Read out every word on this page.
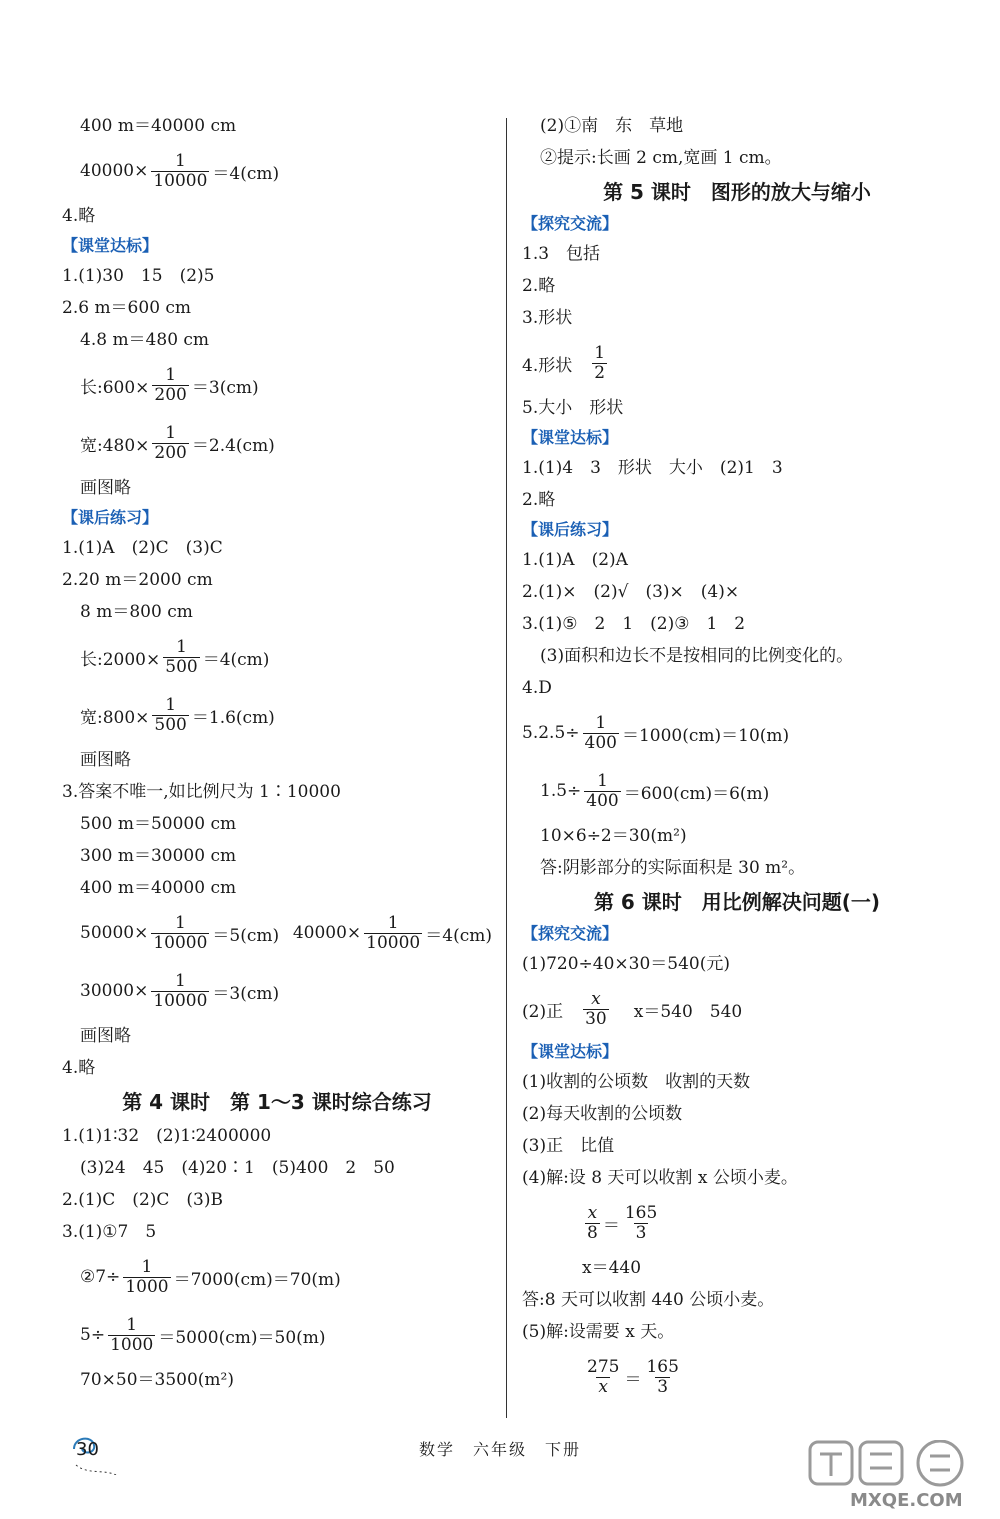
400 m＝40000 cm
$40000\times \frac{1}{10000} =4(cm)$
4.略
【课堂达标】
1.(1)30　15　(2)5
2.6 m＝600 cm
4.8 m＝480 cm
长:600× $\frac{1}{200} =3(cm)$
宽:480× $\frac{1}{200} =2.4(cm)$
画图略
【课后练习】
1.(1)A　(2)C　(3)C
2.20 m＝2000 cm
8 m＝800 cm
长:2000× $\frac{1}{500} =4(cm)$
宽:800× $\frac{1}{500} =1.6(cm)$
画图略
3.答案不唯一,如比例尺为 1∶10000
500 m＝50000 cm
300 m＝30000 cm
400 m＝40000 cm
$50000\times \frac{1}{10000} =5(cm)$ $40000\times \frac{1}{10000} =4(cm)$
$30000\times \frac{1}{10000} =3(cm)$
画图略
4.略
第 4 课时　第 1～3 课时综合练习
1.(1)1∶32　(2)1∶2400000
(3)24　45　(4)20∶1　(5)400　2　50
2.(1)C　(2)C　(3)B
3.(1)①7　5
②7÷ $\frac{1}{1000} =7000(cm)=70(m)$
$5\div \frac{1}{1000} =5000(cm)=50(m)$
70×50＝3500(m²)
(2)①南　东　草地
②提示:长画 2 cm,宽画 1 cm。
第 5 课时　图形的放大与缩小
【探究交流】
1.3　包括
2.略
3.形状
4.形状　 $\frac{1}{2}$
5.大小　形状
【课堂达标】
1.(1)4　3　形状　大小　(2)1　3
2.略
【课后练习】
1.(1)A　(2)A
2.(1)×　(2)√　(3)×　(4)×
3.(1)⑤　2　1　(2)③　1　2
(3)面积和边长不是按相同的比例变化的。
4.D
$5.2.5\div \frac{1}{400} =1000(cm)=10(m)$
$1.5\div \frac{1}{400} =600(cm)=6(m)$
10×6÷2＝30(m²)
答:阴影部分的实际面积是 30 m²。
第 6 课时　用比例解决问题(一)
【探究交流】
(1)720÷40×30＝540(元)
(2)正　 $\frac{x}{30} x=540$　540
【课堂达标】
(1)收割的公顷数　收割的天数
(2)每天收割的公顷数
(3)正　比值
(4)解:设 8 天可以收割 x 公顷小麦。
$\frac{x}{8} = \frac{165}{3}$
x＝440
答:8 天可以收割 440 公顷小麦。
(5)解:设需要 x 天。
$\frac{275}{x} = \frac{165}{3}$
30	数学　六年级　下册
MXQE.COM
